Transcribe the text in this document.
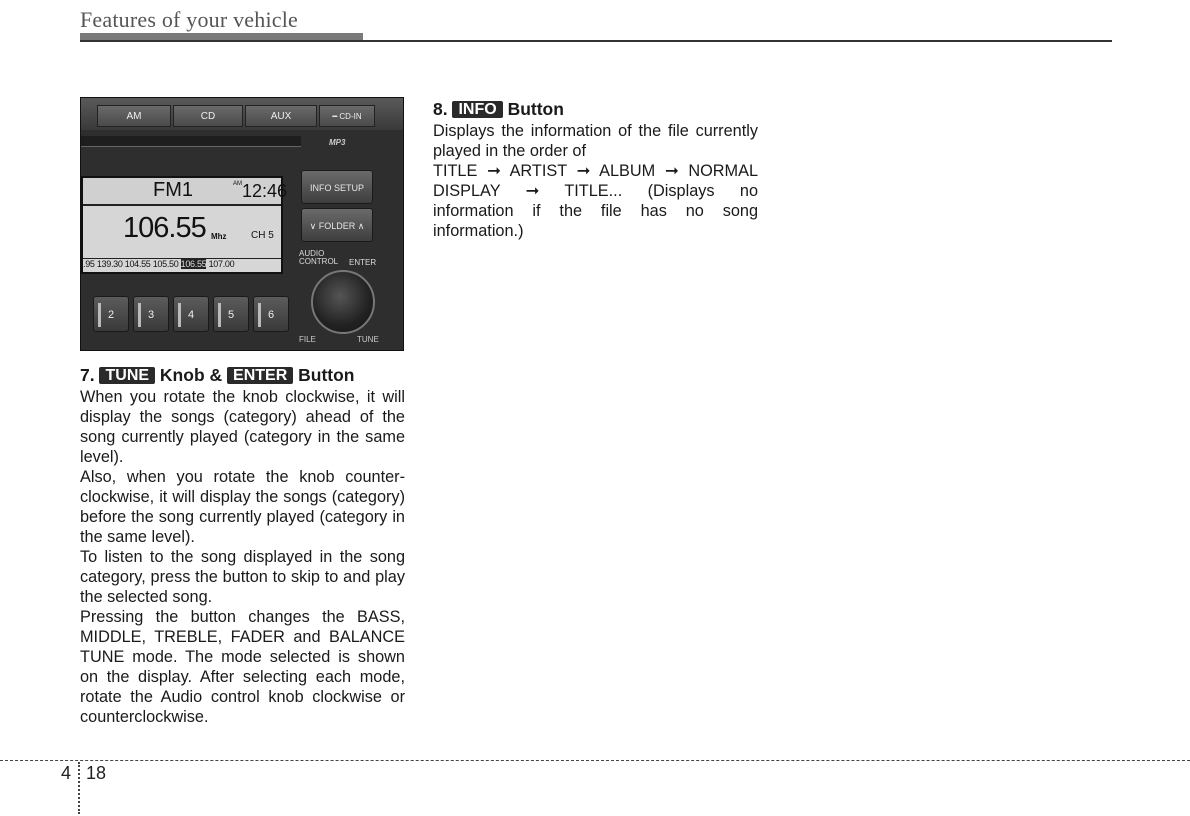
Features of your vehicle
AM	CD	AUX	━ CD-IN
MP3
FM1	$^{AM}$12:46
106.55 Mhz CH 5
.95 139.30 104.55 105.50 106.55 107.00
INFO SETUP
∨ FOLDER ∧
AUDIO CONTROL	ENTER
FILE	TUNE
2	3	4	5	6
7. TUNE Knob & ENTER Button

When you rotate the knob clockwise, it will display the songs (category) ahead of the song currently played (category in the same level).

Also, when you rotate the knob counter-clockwise, it will display the songs (category) before the song currently played (category in the same level).

To listen to the song displayed in the song category, press the button to skip to and play the selected song.

Pressing the button changes the BASS, MIDDLE, TREBLE, FADER and BALANCE TUNE mode. The mode selected is shown on the display. After selecting each mode, rotate the Audio control knob clockwise or counterclockwise.

8. INFO Button

Displays the information of the file currently played in the order of

TITLE ➞ ARTIST ➞ ALBUM ➞ NORMAL DISPLAY ➞ TITLE... (Displays no information if the file has no song information.)

4 18
